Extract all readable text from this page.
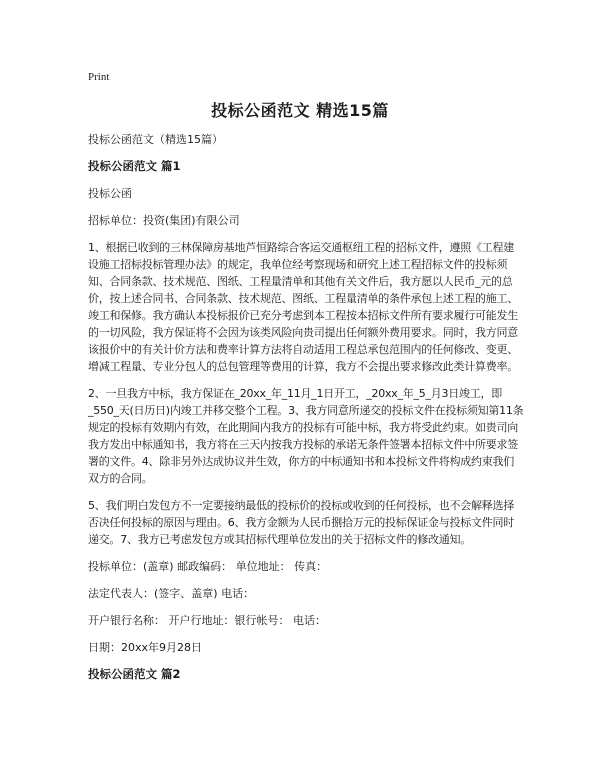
Print
投标公函范文 精选15篇

投标公函范文（精选15篇）

投标公函范文 篇1

投标公函

招标单位：投资(集团)有限公司

1、根据已收到的三林保障房基地芦恒路综合客运交通枢纽工程的招标文件，遵照《工程建设施工招标投标管理办法》的规定，我单位经考察现场和研究上述工程招标文件的投标须知、合同条款、技术规范、图纸、工程量清单和其他有关文件后，我方愿以人民币_元的总价，按上述合同书、合同条款、技术规范、图纸、工程量清单的条件承包上述工程的施工、竣工和保修。我方确认本投标报价已充分考虑到本工程按本招标文件所有要求履行可能发生的一切风险，我方保证将不会因为该类风险向贵司提出任何额外费用要求。同时，我方同意该报价中的有关计价方法和费率计算方法将自动适用工程总承包范围内的任何修改、变更、增减工程量、专业分包人的总包管理等费用的计算，我方不会提出要求修改此类计算费率。

2、一旦我方中标，我方保证在_20xx_年_11月_1日开工，_20xx_年_5_月3日竣工，即_550_天(日历日)内竣工并移交整个工程。3、我方同意所递交的投标文件在投标须知第11条规定的投标有效期内有效，在此期间内我方的投标有可能中标，我方将受此约束。如贵司向我方发出中标通知书，我方将在三天内按我方投标的承诺无条件签署本招标文件中所要求签署的文件。4、除非另外达成协议并生效，你方的中标通知书和本投标文件将构成约束我们双方的合同。

5、我们明白发包方不一定要接纳最低的投标价的投标或收到的任何投标，也不会解释选择否决任何投标的原因与理由。6、我方金额为人民币捌拾万元的投标保证金与投标文件同时递交。7、我方已考虑发包方或其招标代理单位发出的关于招标文件的修改通知。

投标单位：(盖章) 邮政编码： 单位地址： 传真：

法定代表人：(签字、盖章) 电话：

开户银行名称： 开户行地址：银行帐号： 电话：

日期：20xx年9月28日

投标公函范文 篇2
